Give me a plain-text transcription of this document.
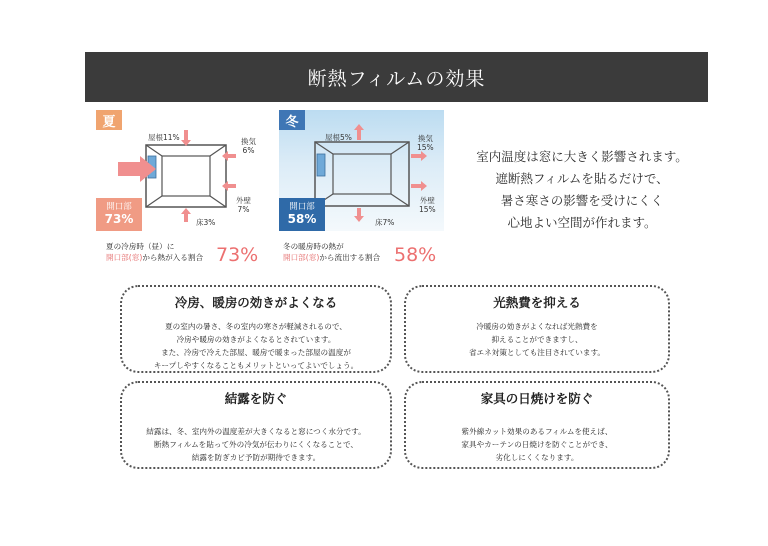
断熱フィルムの効果
夏
屋根11%	換気
6%
外壁
7%
床3%
開口部
73%
冬
屋根5%	換気
15%
外壁
15%
床7%
開口部
58%
夏の冷房時（昼）に
開口部(窓)から熱が入る割合 73%	冬の暖房時の熱が
開口部(窓)から流出する割合 58%
室内温度は窓に大きく影響されます。
遮断熱フィルムを貼るだけで、
暑さ寒さの影響を受けにくく
心地よい空間が作れます。
冷房、暖房の効きがよくなる
夏の室内の暑さ、冬の室内の寒さが軽減されるので、
冷房や暖房の効きがよくなるとされています。
また、冷房で冷えた部屋、暖房で暖まった部屋の温度が
キープしやすくなることもメリットといってよいでしょう。
光熱費を抑える
冷暖房の効きがよくなれば光熱費を
抑えることができますし、
省エネ対策としても注目されています。
結露を防ぐ
結露は、冬、室内外の温度差が大きくなると窓につく水分です。
断熱フィルムを貼って外の冷気が伝わりにくくなることで、
結露を防ぎカビ予防が期待できます。
家具の日焼けを防ぐ
紫外線カット効果のあるフィルムを使えば、
家具やカーテンの日焼けを防ぐことができ、
劣化しにくくなります。
